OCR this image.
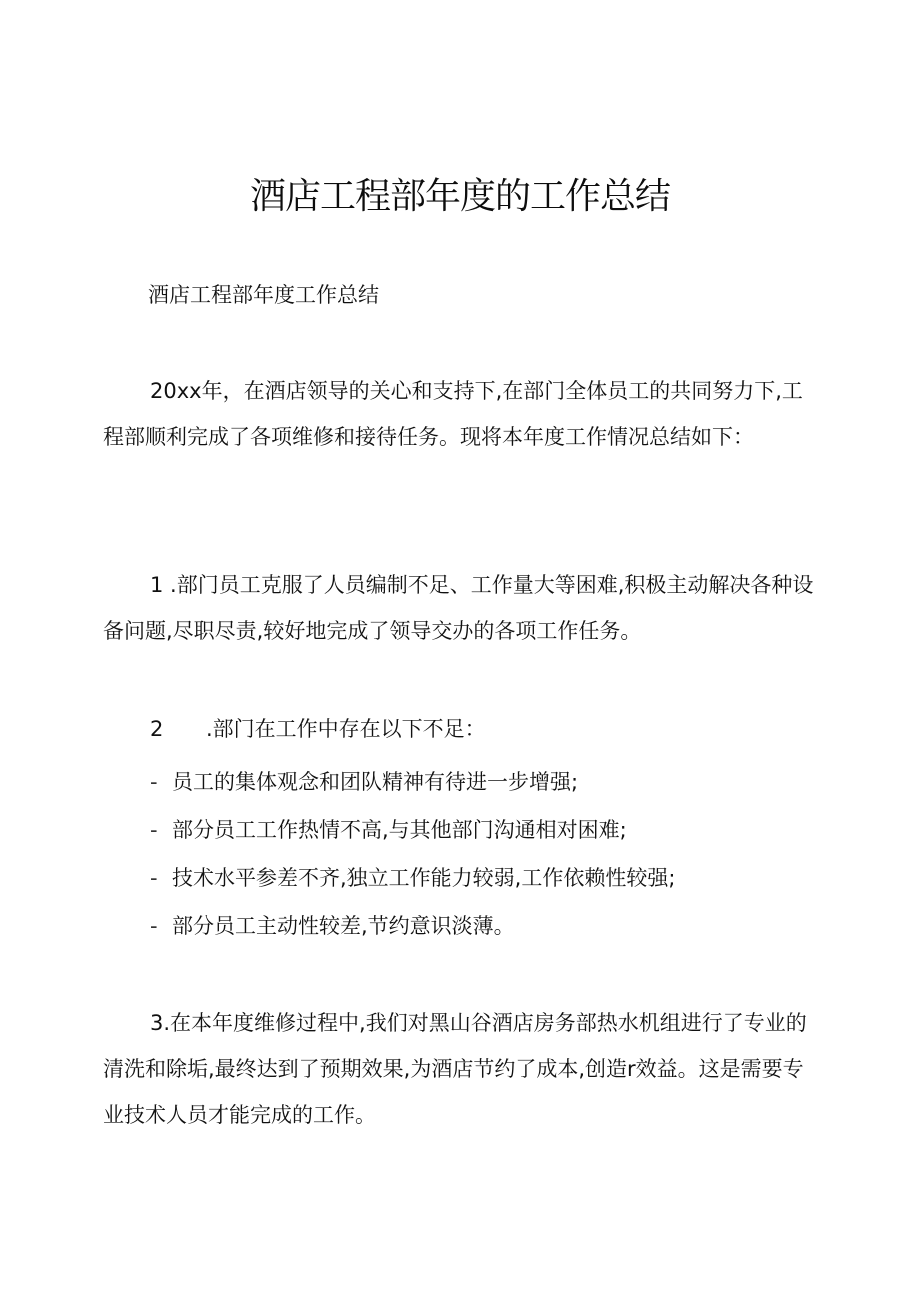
酒店工程部年度的工作总结

酒店工程部年度工作总结

20xx年，在酒店领导的关心和支持下,在部门全体员工的共同努力下,工程部顺利完成了各项维修和接待任务。现将本年度工作情况总结如下：

1 .部门员工克服了人员编制不足、工作量大等困难,积极主动解决各种设备问题,尽职尽责,较好地完成了领导交办的各项工作任务。

2 .部门在工作中存在以下不足：

- 员工的集体观念和团队精神有待进一步增强;
- 部分员工工作热情不高,与其他部门沟通相对困难;
- 技术水平参差不齐,独立工作能力较弱,工作依赖性较强;
- 部分员工主动性较差,节约意识淡薄。

3.在本年度维修过程中,我们对黑山谷酒店房务部热水机组进行了专业的清洗和除垢,最终达到了预期效果,为酒店节约了成本,创造r效益。这是需要专业技术人员才能完成的工作。
